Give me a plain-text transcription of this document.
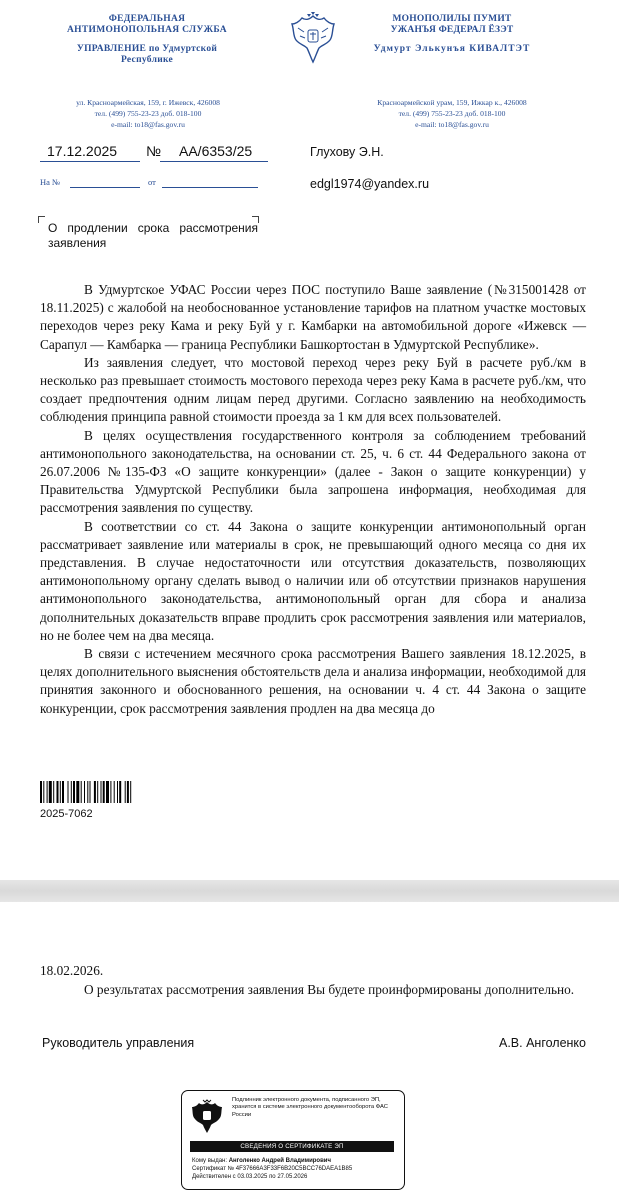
ФЕДЕРАЛЬНАЯ АНТИМОНОПОЛЬНАЯ СЛУЖБА
УПРАВЛЕНИЕ по Удмуртской Республике
МОНОПОЛИЛЫ ПУМИТ УЖАНЪЯ ФЕДЕРАЛ ЁЗЭТ
Удмурт Элькунъя КИВАЛТЭТ
ул. Красноармейская, 159, г. Ижевск, 426008
тел. (499) 755-23-23 доб. 018-100
e-mail: to18@fas.gov.ru
Красноармейской урам, 159, Ижкар к., 426008
тел. (499) 755-23-23 доб. 018-100
e-mail: to18@fas.gov.ru
17.12.2025 № АА/6353/25
На №	от
Глухову Э.Н.
edgl1974@yandex.ru
О продлении срока рассмотрения заявления

В Удмуртское УФАС России через ПОС поступило Ваше заявление (№315001428 от 18.11.2025) с жалобой на необоснованное установление тарифов на платном участке мостовых переходов через реку Кама и реку Буй у г. Камбарки на автомобильной дороге «Ижевск — Сарапул — Камбарка — граница Республики Башкортостан в Удмуртской Республике».

Из заявления следует, что мостовой переход через реку Буй в расчете руб./км в несколько раз превышает стоимость мостового перехода через реку Кама в расчете руб./км, что создает предпочтения одним лицам перед другими. Согласно заявлению на необходимость соблюдения принципа равной стоимости проезда за 1 км для всех пользователей.

В целях осуществления государственного контроля за соблюдением требований антимонопольного законодательства, на основании ст. 25, ч. 6 ст. 44 Федерального закона от 26.07.2006 №135-ФЗ «О защите конкуренции» (далее - Закон о защите конкуренции) у Правительства Удмуртской Республики была запрошена информация, необходимая для рассмотрения заявления по существу.

В соответствии со ст. 44 Закона о защите конкуренции антимонопольный орган рассматривает заявление или материалы в срок, не превышающий одного месяца со дня их представления. В случае недостаточности или отсутствия доказательств, позволяющих антимонопольному органу сделать вывод о наличии или об отсутствии признаков нарушения антимонопольного законодательства, антимонопольный орган для сбора и анализа дополнительных доказательств вправе продлить срок рассмотрения заявления или материалов, но не более чем на два месяца.

В связи с истечением месячного срока рассмотрения Вашего заявления 18.12.2025, в целях дополнительного выяснения обстоятельств дела и анализа информации, необходимой для принятия законного и обоснованного решения, на основании ч. 4 ст. 44 Закона о защите конкуренции, срок рассмотрения заявления продлен на два месяца до

2025-7062
18.02.2026.
О результатах рассмотрения заявления Вы будете проинформированы дополнительно.
Руководитель управления	А.В. Анголенко
Подлинник электронного документа, подписанного ЭП, хранится в системе электронного документооборота ФАС России
СВЕДЕНИЯ О СЕРТИФИКАТЕ ЭП
Кому выдан: Анголенко Андрей Владимирович
Сертификат № 4F37666A3F33F6B20C5BCC76DAEA1B85
Действителен с 03.03.2025 по 27.05.2026
